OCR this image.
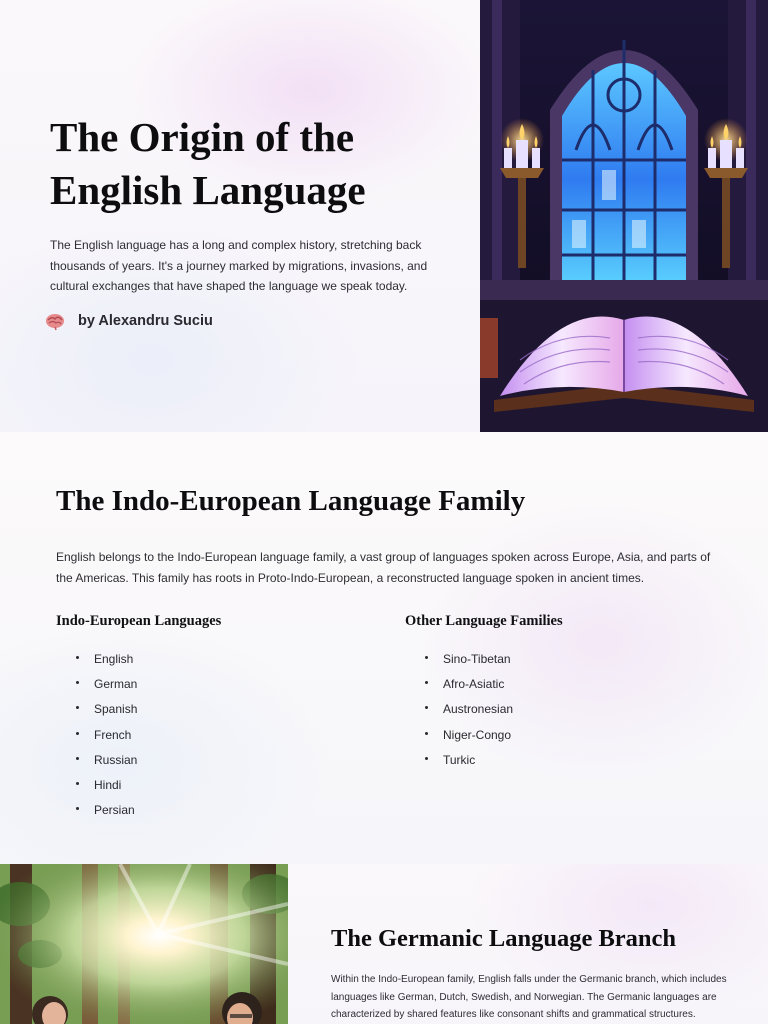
The Origin of the English Language

The English language has a long and complex history, stretching back thousands of years. It's a journey marked by migrations, invasions, and cultural exchanges that have shaped the language we speak today.

by Alexandru Suciu
The Indo-European Language Family

English belongs to the Indo-European language family, a vast group of languages spoken across Europe, Asia, and parts of the Americas. This family has roots in Proto-Indo-European, a reconstructed language spoken in ancient times.

Indo-European Languages
English
German
Spanish
French
Russian
Hindi
Persian
Other Language Families
Sino-Tibetan
Afro-Asiatic
Austronesian
Niger-Congo
Turkic
The Germanic Language Branch

Within the Indo-European family, English falls under the Germanic branch, which includes languages like German, Dutch, Swedish, and Norwegian. The Germanic languages are characterized by shared features like consonant shifts and grammatical structures.
